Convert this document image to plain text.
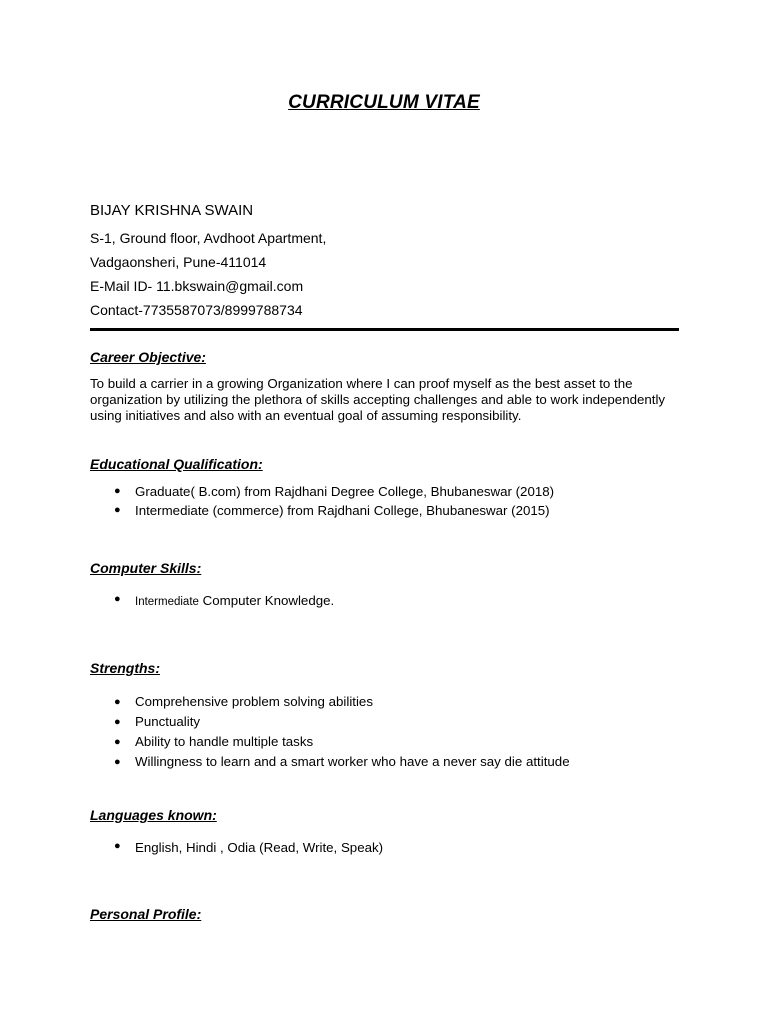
CURRICULUM VITAE
BIJAY KRISHNA SWAIN
S-1, Ground floor, Avdhoot Apartment,
Vadgaonsheri, Pune-411014
E-Mail ID- 11.bkswain@gmail.com
Contact-7735587073/8999788734
Career Objective:
To build a carrier in a growing Organization where I can proof myself as the best asset to the organization by utilizing the plethora of skills accepting challenges and able to work independently using initiatives and also with an eventual goal of assuming responsibility.
Educational Qualification:
● Graduate( B.com) from Rajdhani Degree College, Bhubaneswar (2018)
● Intermediate (commerce) from Rajdhani College, Bhubaneswar (2015)
Computer Skills:
● Intermediate Computer Knowledge.
Strengths:
● Comprehensive problem solving abilities
● Punctuality
● Ability to handle multiple tasks
● Willingness to learn and a smart worker who have a never say die attitude
Languages known:
● English, Hindi , Odia (Read, Write, Speak)
Personal Profile:
